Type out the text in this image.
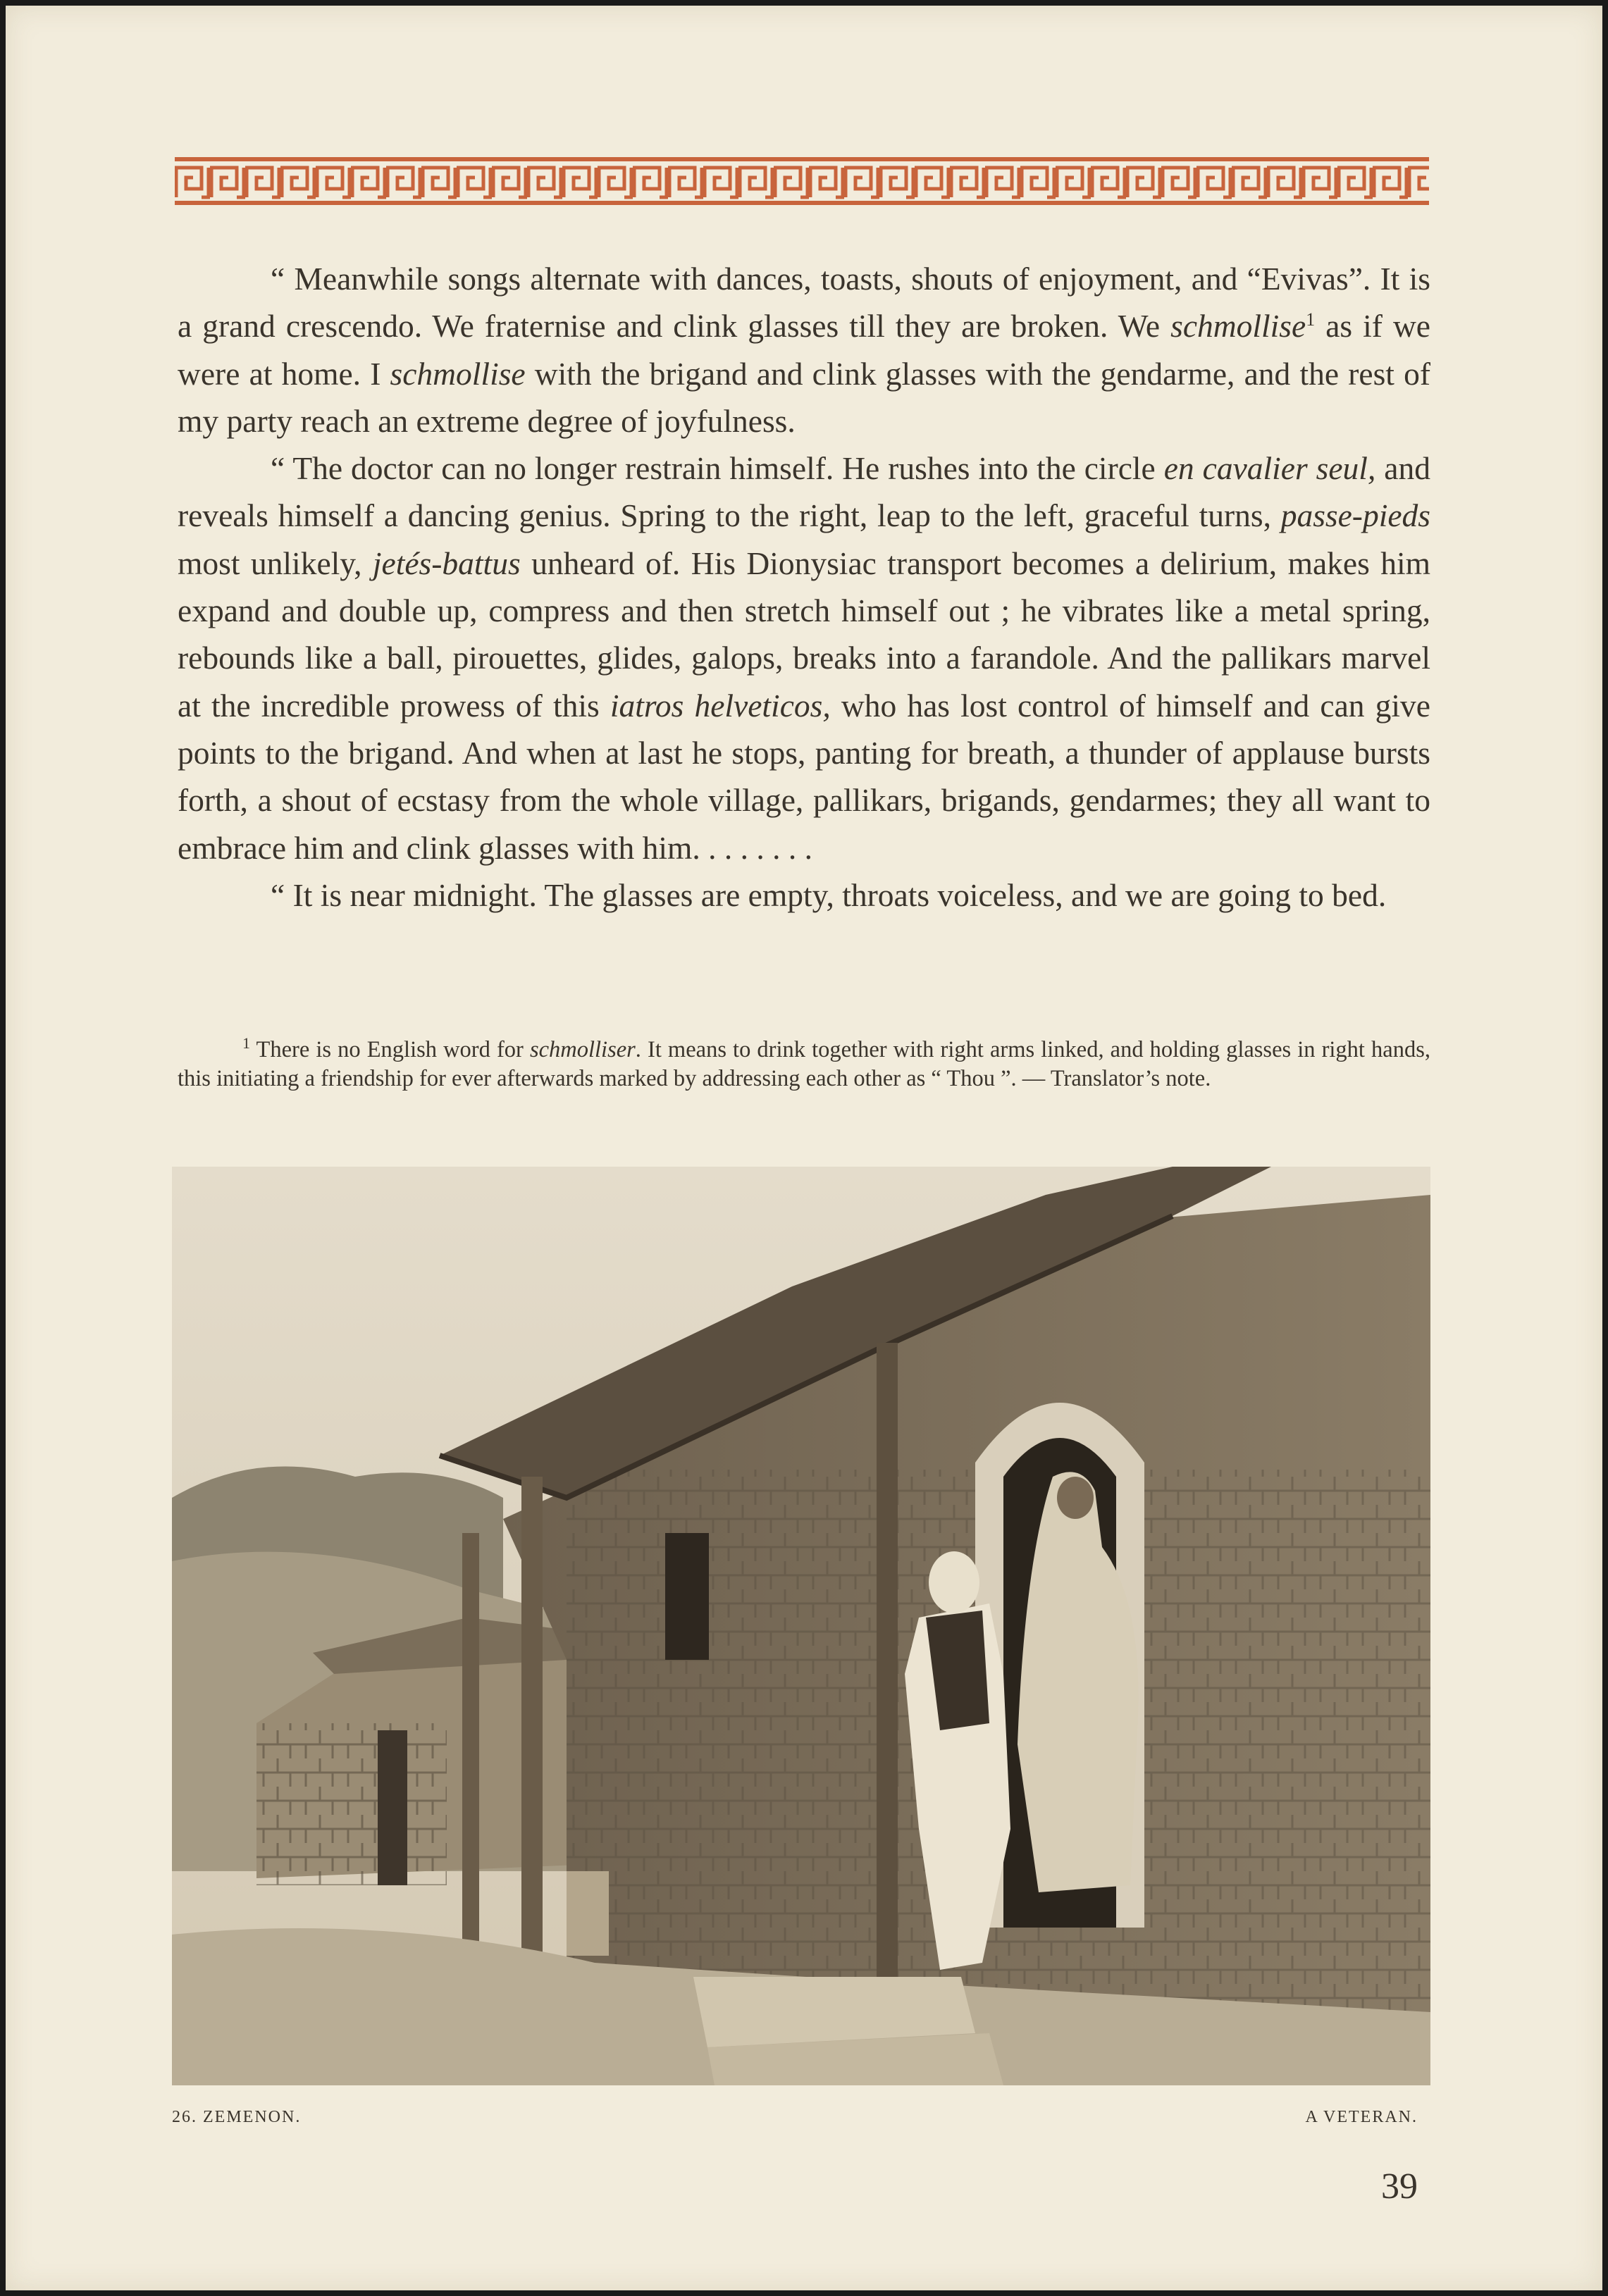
“ Meanwhile songs alternate with dances, toasts, shouts of enjoyment, and “Evivas”. It is a grand crescendo. We fraternise and clink glasses till they are broken. We schmollise$^1$ as if we were at home. I schmollise with the brigand and clink glasses with the gendarme, and the rest of my party reach an extreme degree of joyfulness.

“ The doctor can no longer restrain himself. He rushes into the circle en cavalier seul, and reveals himself a dancing genius. Spring to the right, leap to the left, graceful turns, passe-pieds most unlikely, jetés-battus unheard of. His Dionysiac transport becomes a delirium, makes him expand and double up, compress and then stretch himself out ; he vibrates like a metal spring, rebounds like a ball, pirouettes, glides, galops, breaks into a farandole. And the pallikars marvel at the incredible prowess of this iatros helveticos, who has lost control of himself and can give points to the brigand. And when at last he stops, panting for breath, a thunder of applause bursts forth, a shout of ecstasy from the whole village, pallikars, brigands, gendarmes; they all want to embrace him and clink glasses with him. . . . . . . .

“ It is near midnight. The glasses are empty, throats voiceless, and we are going to bed.

$^1$ There is no English word for schmolliser. It means to drink together with right arms linked, and holding glasses in right hands, this initiating a friendship for ever afterwards marked by addressing each other as “ Thou ”. — Translator’s note.
26. ZEMENON.	A VETERAN.
39
